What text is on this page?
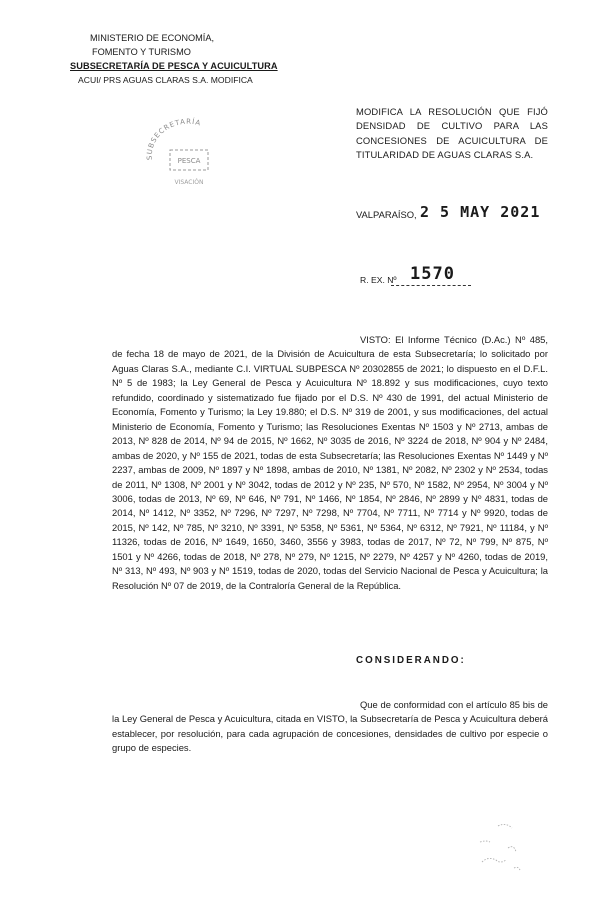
MINISTERIO DE ECONOMÍA,
FOMENTO Y TURISMO
SUBSECRETARÍA DE PESCA Y ACUICULTURA
ACUI/ PRS AGUAS CLARAS S.A. MODIFICA
SUBSECRETARÍA
PESCA
VISACIÓN
MODIFICA LA RESOLUCIÓN QUE FIJÓ DENSIDAD DE CULTIVO PARA LAS CONCESIONES DE ACUICULTURA DE TITULARIDAD DE AGUAS CLARAS S.A.
VALPARAÍSO, 2 5 MAY 2021
R. EX. Nº 1570
VISTO: El Informe Técnico (D.Ac.) Nº 485, de fecha 18 de mayo de 2021, de la División de Acuicultura de esta Subsecretaría; lo solicitado por Aguas Claras S.A., mediante C.I. VIRTUAL SUBPESCA Nº 20302855 de 2021; lo dispuesto en el D.F.L. Nº 5 de 1983; la Ley General de Pesca y Acuicultura Nº 18.892 y sus modificaciones, cuyo texto refundido, coordinado y sistematizado fue fijado por el D.S. Nº 430 de 1991, del actual Ministerio de Economía, Fomento y Turismo; la Ley 19.880; el D.S. Nº 319 de 2001, y sus modificaciones, del actual Ministerio de Economía, Fomento y Turismo; las Resoluciones Exentas Nº 1503 y Nº 2713, ambas de 2013, Nº 828 de 2014, Nº 94 de 2015, Nº 1662, Nº 3035 de 2016, Nº 3224 de 2018, Nº 904 y Nº 2484, ambas de 2020, y Nº 155 de 2021, todas de esta Subsecretaría; las Resoluciones Exentas Nº 1449 y Nº 2237, ambas de 2009, Nº 1897 y Nº 1898, ambas de 2010, Nº 1381, Nº 2082, Nº 2302 y Nº 2534, todas de 2011, Nº 1308, Nº 2001 y Nº 3042, todas de 2012 y Nº 235, Nº 570, Nº 1582, Nº 2954, Nº 3004 y Nº 3006, todas de 2013, Nº 69, Nº 646, Nº 791, Nº 1466, Nº 1854, Nº 2846, Nº 2899 y Nº 4831, todas de 2014, Nº 1412, Nº 3352, Nº 7296, Nº 7297, Nº 7298, Nº 7704, Nº 7711, Nº 7714 y Nº 9920, todas de 2015, Nº 142, Nº 785, Nº 3210, Nº 3391, Nº 5358, Nº 5361, Nº 5364, Nº 6312, Nº 7921, Nº 11184, y Nº 11326, todas de 2016, Nº 1649, 1650, 3460, 3556 y 3983, todas de 2017, Nº 72, Nº 799, Nº 875, Nº 1501 y Nº 4266, todas de 2018, Nº 278, Nº 279, Nº 1215, Nº 2279, Nº 4257 y Nº 4260, todas de 2019, Nº 313, Nº 493, Nº 903 y Nº 1519, todas de 2020, todas del Servicio Nacional de Pesca y Acuicultura; la Resolución Nº 07 de 2019, de la Contraloría General de la República.
CONSIDERANDO:
Que de conformidad con el artículo 85 bis de la Ley General de Pesca y Acuicultura, citada en VISTO, la Subsecretaría de Pesca y Acuicultura deberá establecer, por resolución, para cada agrupación de concesiones, densidades de cultivo por especie o grupo de especies.
